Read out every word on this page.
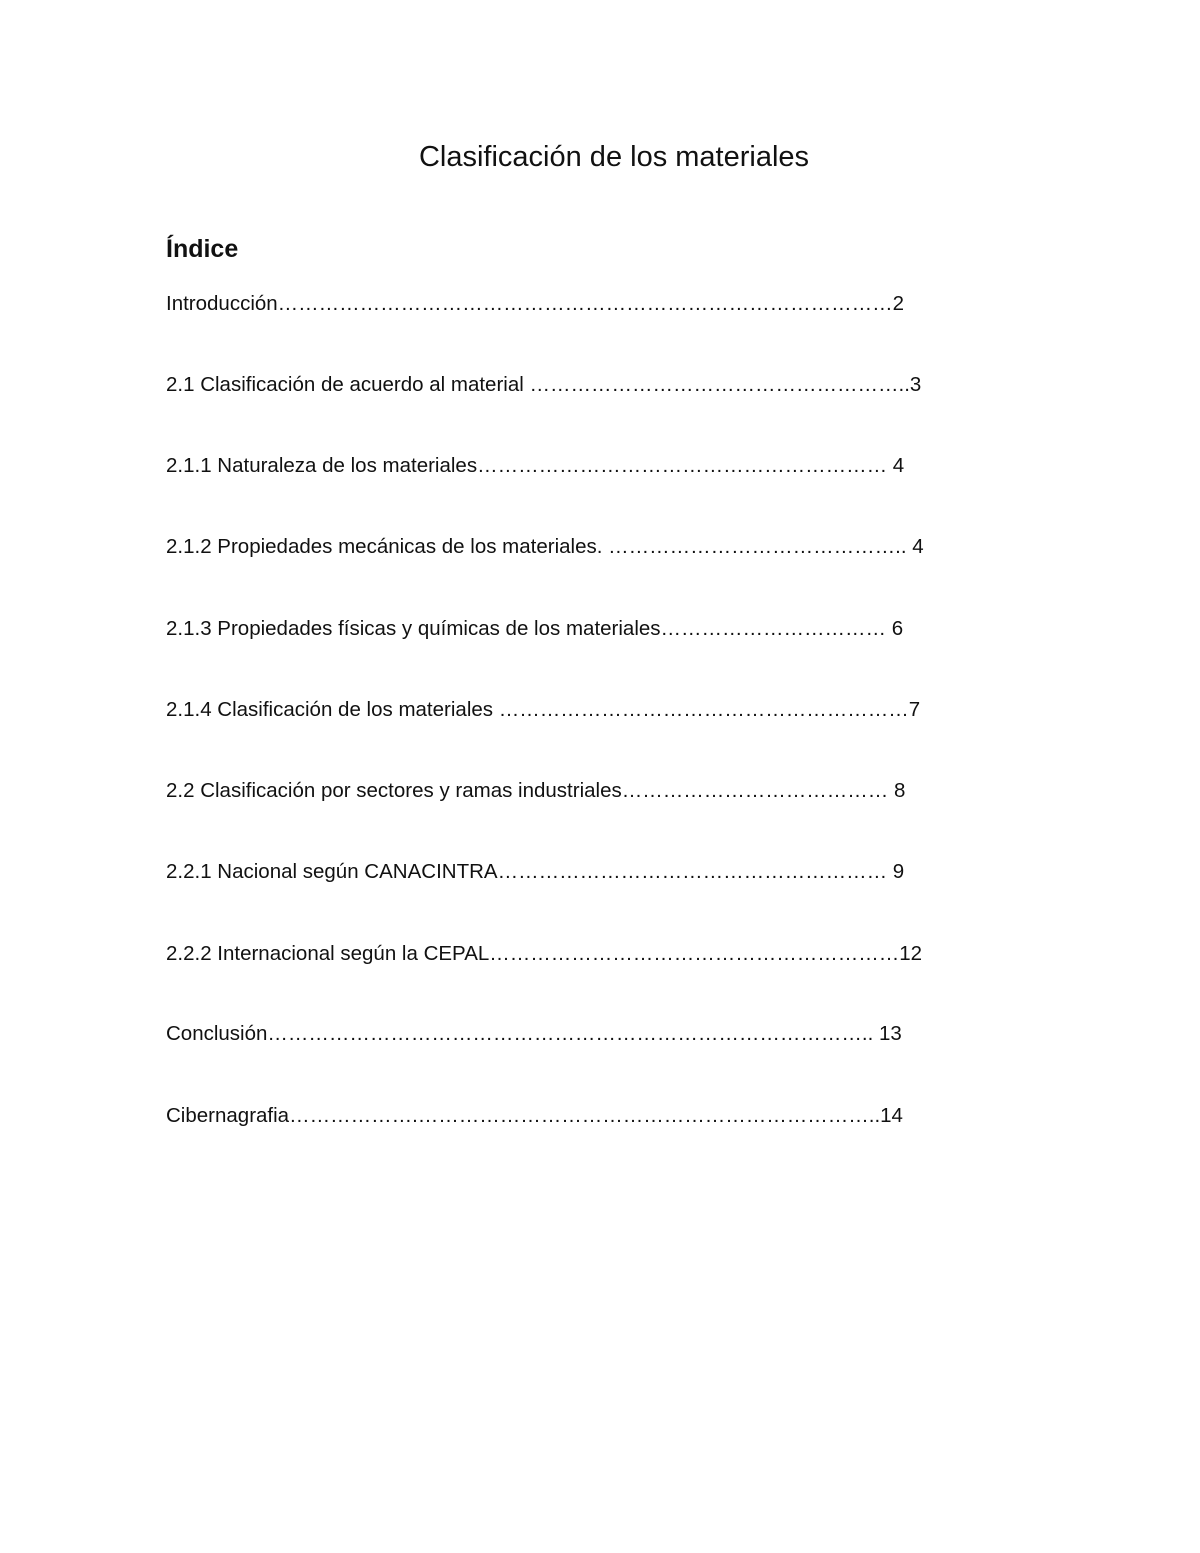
Clasificación de los materiales
Índice
Introducción………………………………………………………………………………2
2.1 Clasificación de acuerdo al material ………………………………………………..3
2.1.1 Naturaleza de los materiales…………………………………………………… 4
2.1.2 Propiedades mecánicas de los materiales. …………………………………….. 4
2.1.3 Propiedades físicas y químicas de los materiales…………………………… 6
2.1.4 Clasificación de los materiales ……………………………………………………7
2.2 Clasificación por sectores y ramas industriales………………………………… 8
2.2.1 Nacional según CANACINTRA………………………………………………… 9
2.2.2 Internacional según la CEPAL……………………………………………………12
Conclusión…………………………………………………………………………….. 13
Cibernagrafia……………….…………………………………………………………..14
